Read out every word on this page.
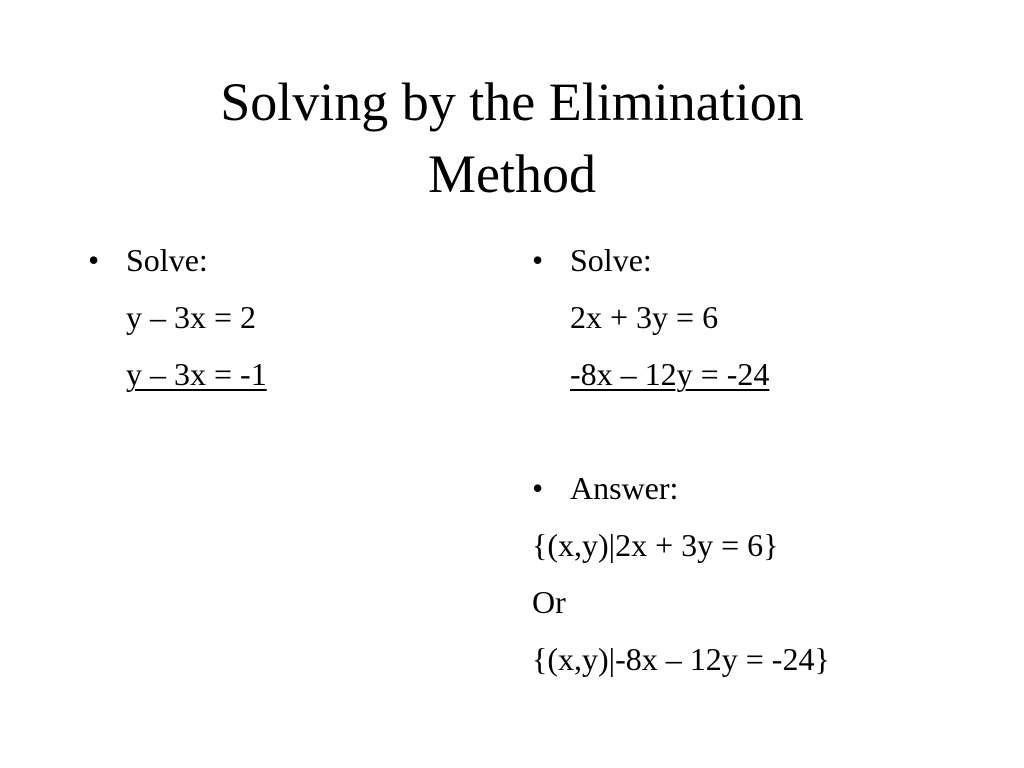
Solving by the Elimination
Method
• Solve:
y – 3x = 2
y – 3x = -1
• Solve:
2x + 3y = 6
-8x – 12y = -24
• Answer:
{(x,y)|2x + 3y = 6}
Or
{(x,y)|-8x – 12y = -24}
